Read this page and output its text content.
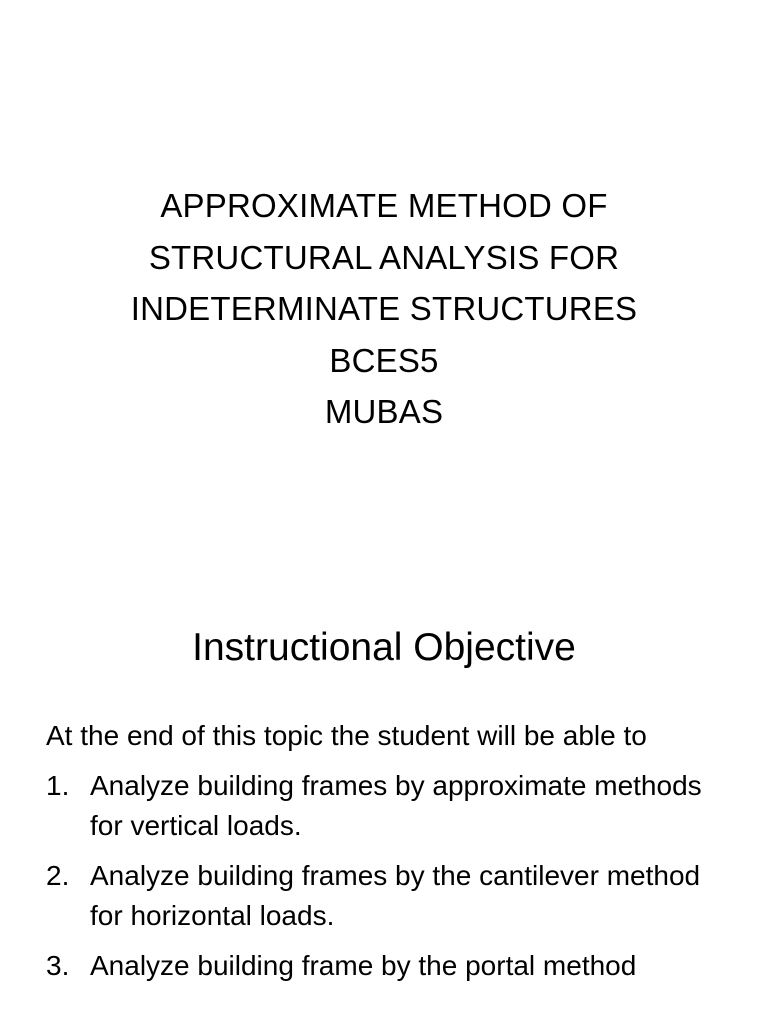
APPROXIMATE METHOD OF
STRUCTURAL ANALYSIS FOR
INDETERMINATE STRUCTURES
BCES5
MUBAS
Instructional Objective

At the end of this topic the student will be able to

1. Analyze building frames by approximate methods for vertical loads.
2. Analyze building frames by the cantilever method for horizontal loads.
3. Analyze building frame by the portal method
